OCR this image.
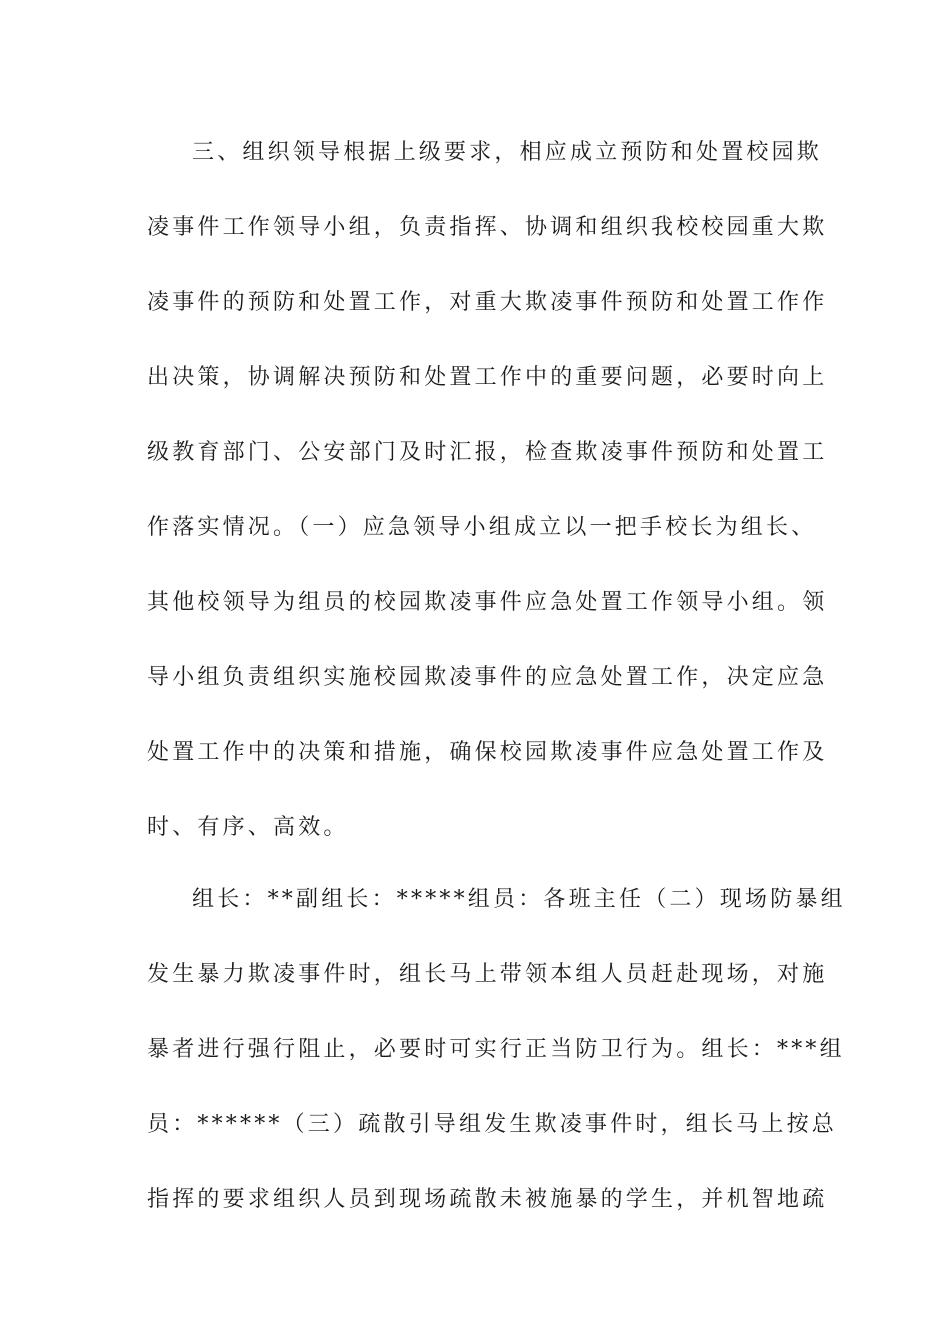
三、组织领导根据上级要求，相应成立预防和处置校园欺
凌事件工作领导小组，负责指挥、协调和组织我校校园重大欺
凌事件的预防和处置工作，对重大欺凌事件预防和处置工作作
出决策，协调解决预防和处置工作中的重要问题，必要时向上
级教育部门、公安部门及时汇报，检查欺凌事件预防和处置工
作落实情况。（一）应急领导小组成立以一把手校长为组长、
其他校领导为组员的校园欺凌事件应急处置工作领导小组。领
导小组负责组织实施校园欺凌事件的应急处置工作，决定应急
处置工作中的决策和措施，确保校园欺凌事件应急处置工作及
时、有序、高效。
组长：**副组长：*****组员：各班主任（二）现场防暴组
发生暴力欺凌事件时，组长马上带领本组人员赶赴现场，对施
暴者进行强行阻止，必要时可实行正当防卫行为。组长：***组
员：******（三）疏散引导组发生欺凌事件时，组长马上按总
指挥的要求组织人员到现场疏散未被施暴的学生，并机智地疏
